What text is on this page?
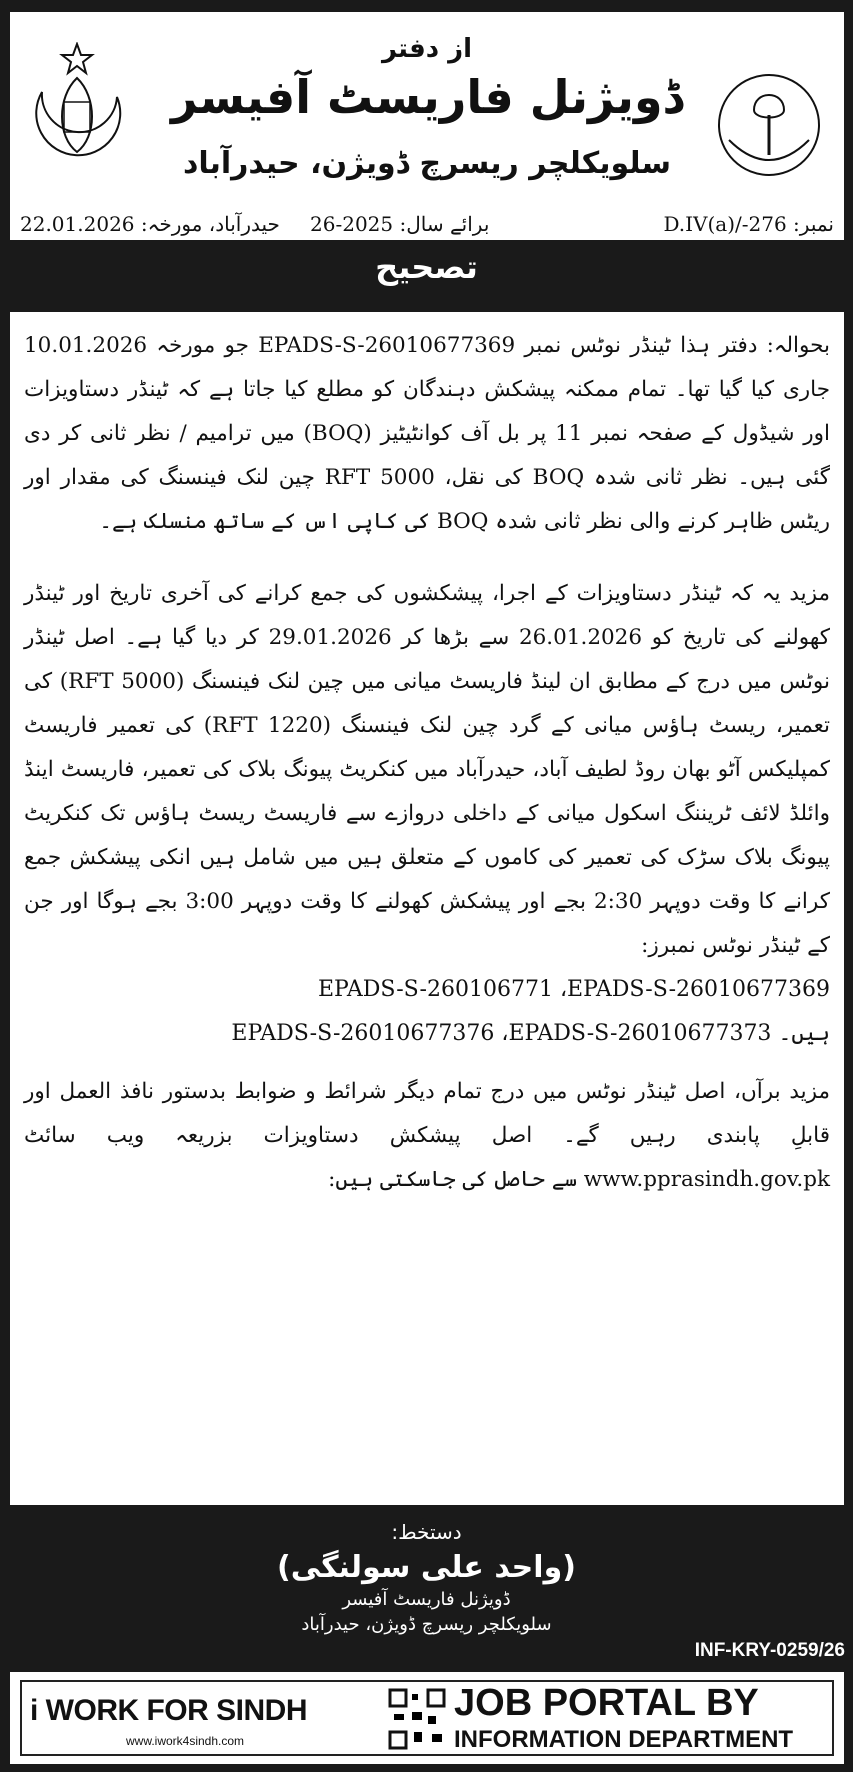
از دفتر
ڈویژنل فاریسٹ آفیسر
سلویکلچر ریسرچ ڈویژن، حیدرآباد
نمبر: D.IV(a)/-276
برائے سال: 2025-26
حیدرآباد، مورخہ: 22.01.2026
تصحیح

بحوالہ: دفتر ہذا ٹینڈر نوٹس نمبر EPADS-S-26010677369 جو مورخہ 10.01.2026 جاری کیا گیا تھا۔ تمام ممکنہ پیشکش دہندگان کو مطلع کیا جاتا ہے کہ ٹینڈر دستاویزات اور شیڈول کے صفحہ نمبر 11 پر بل آف کوانٹیٹیز (BOQ) میں ترامیم / نظر ثانی کر دی گئی ہیں۔ نظر ثانی شدہ BOQ کی نقل، RFT 5000 چین لنک فینسنگ کی مقدار اور ریٹس ظاہر کرنے والی نظر ثانی شدہ BOQ کی کاپی اس کے ساتھ منسلک ہے۔

مزید یہ کہ ٹینڈر دستاویزات کے اجرا، پیشکشوں کی جمع کرانے کی آخری تاریخ اور ٹینڈر کھولنے کی تاریخ کو 26.01.2026 سے بڑھا کر 29.01.2026 کر دیا گیا ہے۔ اصل ٹینڈر نوٹس میں درج کے مطابق ان لینڈ فاریسٹ میانی میں چین لنک فینسنگ (5000 RFT) کی تعمیر، ریسٹ ہاؤس میانی کے گرد چین لنک فینسنگ (RFT 1220) کی تعمیر فاریسٹ کمپلیکس آٹو بھان روڈ لطیف آباد، حیدرآباد میں کنکریٹ پیونگ بلاک کی تعمیر، فاریسٹ اینڈ وائلڈ لائف ٹریننگ اسکول میانی کے داخلی دروازے سے فاریسٹ ریسٹ ہاؤس تک کنکریٹ پیونگ بلاک سڑک کی تعمیر کی کاموں کے متعلق ہیں میں شامل ہیں انکی پیشکش جمع کرانے کا وقت دوپہر 2:30 بجے اور پیشکش کھولنے کا وقت دوپہر 3:00 بجے ہوگا اور جن کے ٹینڈر نوٹس نمبرز:

EPADS-S-260106771 ،EPADS-S-26010677369
EPADS-S-26010677376 ،EPADS-S-26010677373 ہیں۔

مزید برآں، اصل ٹینڈر نوٹس میں درج تمام دیگر شرائط و ضوابط بدستور نافذ العمل اور قابلِ پابندی رہیں گے۔ اصل پیشکش دستاویزات بزریعہ ویب سائٹ www.pprasindh.gov.pk سے حاصل کی جاسکتی ہیں:

دستخط:
(واحد علی سولنگی)
ڈویژنل فاریسٹ آفیسر
سلویکلچر ریسرچ ڈویژن، حیدرآباد
INF-KRY-0259/26
i WORK FOR SINDH
www.iwork4sindh.com
JOB PORTAL BY
INFORMATION DEPARTMENT
